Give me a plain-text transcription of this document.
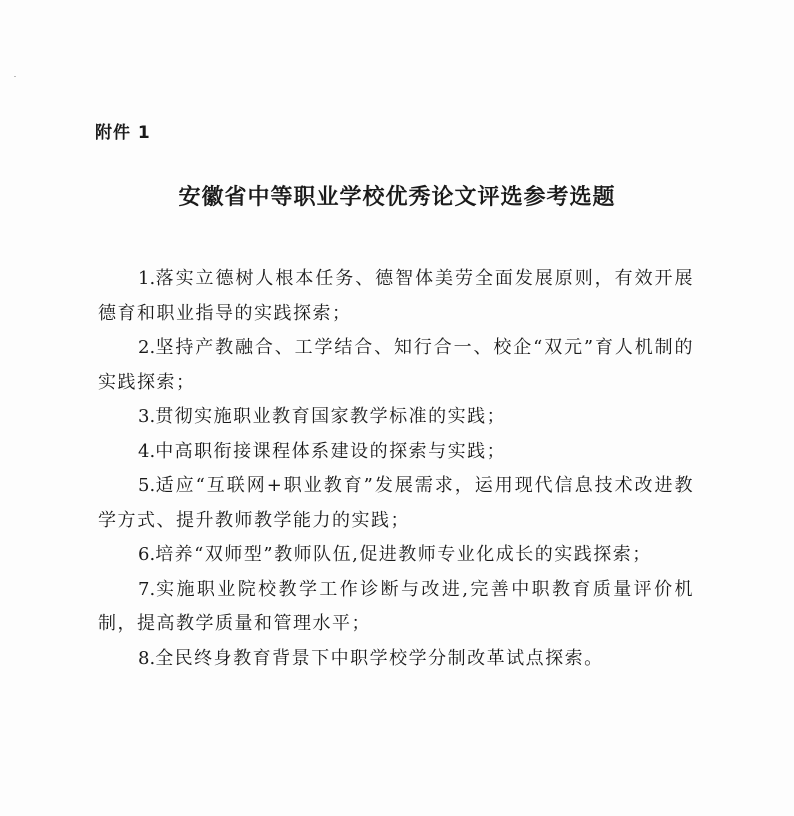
附件 1
安徽省中等职业学校优秀论文评选参考选题
1.落实立德树人根本任务、德智体美劳全面发展原则，有效开展德育和职业指导的实践探索；
2.坚持产教融合、工学结合、知行合一、校企“双元”育人机制的实践探索；
3.贯彻实施职业教育国家教学标准的实践；
4.中高职衔接课程体系建设的探索与实践；
5.适应“互联网+职业教育”发展需求，运用现代信息技术改进教学方式、提升教师教学能力的实践；
6.培养“双师型”教师队伍,促进教师专业化成长的实践探索；
7.实施职业院校教学工作诊断与改进,完善中职教育质量评价机制，提高教学质量和管理水平；
8.全民终身教育背景下中职学校学分制改革试点探索。
